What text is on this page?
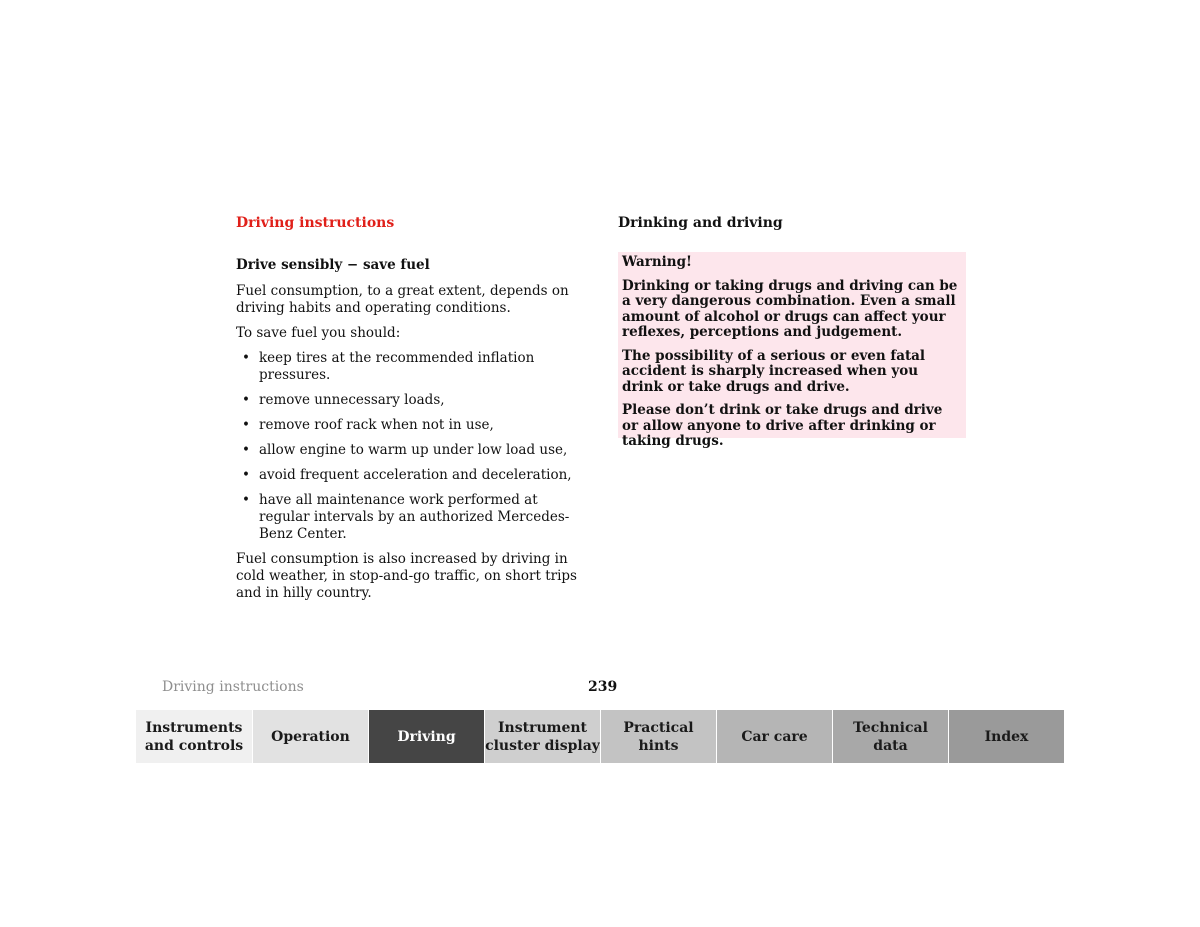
Driving instructions
Drive sensibly − save fuel

Fuel consumption, to a great extent, depends on driving habits and operating conditions.

To save fuel you should:

• keep tires at the recommended inflation pressures.
• remove unnecessary loads,
• remove roof rack when not in use,
• allow engine to warm up under low load use,
• avoid frequent acceleration and deceleration,
• have all maintenance work performed at regular intervals by an authorized Mercedes-Benz Center.

Fuel consumption is also increased by driving in cold weather, in stop-and-go traffic, on short trips and in hilly country.

Drinking and driving

Warning!

Drinking or taking drugs and driving can be a very dangerous combination. Even a small amount of alcohol or drugs can affect your reflexes, perceptions and judgement.

The possibility of a serious or even fatal accident is sharply increased when you drink or take drugs and drive.

Please don’t drink or take drugs and drive or allow anyone to drive after drinking or taking drugs.

Driving instructions	239
Instruments
and controls
Operation	Driving
Instrument
cluster display
Practical hints
Car care
Technical
data
Index
